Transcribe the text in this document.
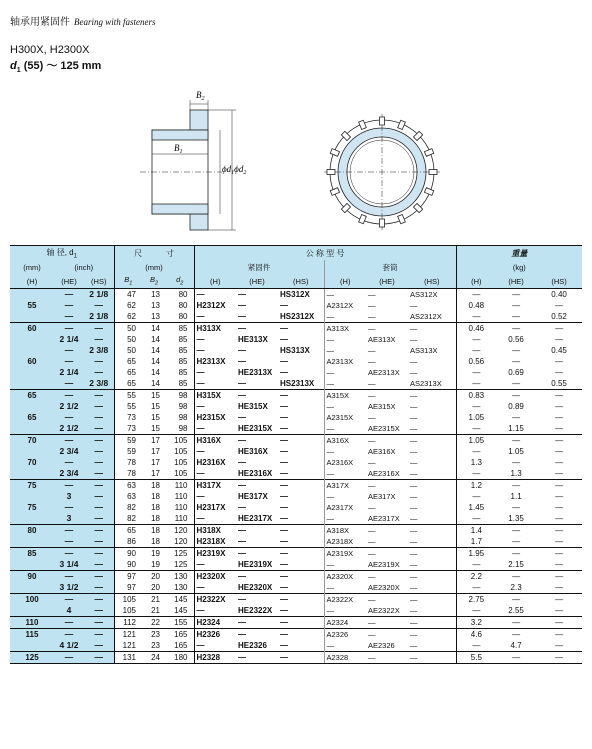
轴承用紧固件 Bearing with fasteners
H300X, H2300X
$d_1$ (55) ～ 125 mm
$B_2$
$B_1$
$\phi d_1\phi d_2$
轴 径, $d_1$			尺　　　寸			公 称 型 号						重量		
(mm)	(inch)		(mm)			紧固件			套筒			(kg)		
(H)	(HE)	(HS)	$B_1$	$B_2$	$d_2$	(H)	(HE)	(HS)	(H)	(HE)	(HS)	(H)	(HE)	(HS)
	—	2 1/8	47	13	80	—	—	HS312X	—	—	AS312X	—	—	0.40
55	—	—	62	13	80	H2312X	—	—	A2312X	—	—	0.48	—	—
	—	2 1/8	62	13	80	—	—	HS2312X	—	—	AS2312X	—	—	0.52
60	—	—	50	14	85	H313X	—	—	A313X	—	—	0.46	—	—
	2 1/4	—	50	14	85	—	HE313X	—	—	AE313X	—	—	0.56	—
	—	2 3/8	50	14	85	—	—	HS313X	—	—	AS313X	—	—	0.45
60	—	—	65	14	85	H2313X	—	—	A2313X	—	—	0.56	—	—
	2 1/4	—	65	14	85	—	HE2313X	—	—	AE2313X	—	—	0.69	—
	—	2 3/8	65	14	85	—	—	HS2313X	—	—	AS2313X	—	—	0.55
65	—	—	55	15	98	H315X	—	—	A315X	—	—	0.83	—	—
	2 1/2	—	55	15	98	—	HE315X	—	—	AE315X	—	—	0.89	—
65	—	—	73	15	98	H2315X	—	—	A2315X	—	—	1.05	—	—
	2 1/2	—	73	15	98	—	HE2315X	—	—	AE2315X	—	—	1.15	—
70	—	—	59	17	105	H316X	—	—	A316X	—	—	1.05	—	—
	2 3/4	—	59	17	105	—	HE316X	—	—	AE316X	—	—	1.05	—
70	—	—	78	17	105	H2316X	—	—	A2316X	—	—	1.3	—	—
	2 3/4	—	78	17	105	—	HE2316X	—	—	AE2316X	—	—	1.3	—
75	—	—	63	18	110	H317X	—	—	A317X	—	—	1.2	—	—
	3	—	63	18	110	—	HE317X	—	—	AE317X	—	—	1.1	—
75	—	—	82	18	110	H2317X	—	—	A2317X	—	—	1.45	—	—
	3	—	82	18	110	—	HE2317X	—	—	AE2317X	—	—	1.35	—
80	—	—	65	18	120	H318X	—	—	A318X	—	—	1.4	—	—
	—	—	86	18	120	H2318X	—	—	A2318X	—	—	1.7	—	—
85	—	—	90	19	125	H2319X	—	—	A2319X	—	—	1.95	—	—
	3 1/4	—	90	19	125	—	HE2319X	—	—	AE2319X	—	—	2.15	—
90	—	—	97	20	130	H2320X	—	—	A2320X	—	—	2.2	—	—
	3 1/2	—	97	20	130	—	HE2320X	—	—	AE2320X	—	—	2.3	—
100	—	—	105	21	145	H2322X	—	—	A2322X	—	—	2.75	—	—
	4	—	105	21	145	—	HE2322X	—	—	AE2322X	—	—	2.55	—
110	—	—	112	22	155	H2324	—	—	A2324	—	—	3.2	—	—
115	—	—	121	23	165	H2326	—	—	A2326	—	—	4.6	—	—
	4 1/2	—	121	23	165	—	HE2326	—	—	AE2326	—	—	4.7	—
125	—	—	131	24	180	H2328	—	—	A2328	—	—	5.5	—	—
